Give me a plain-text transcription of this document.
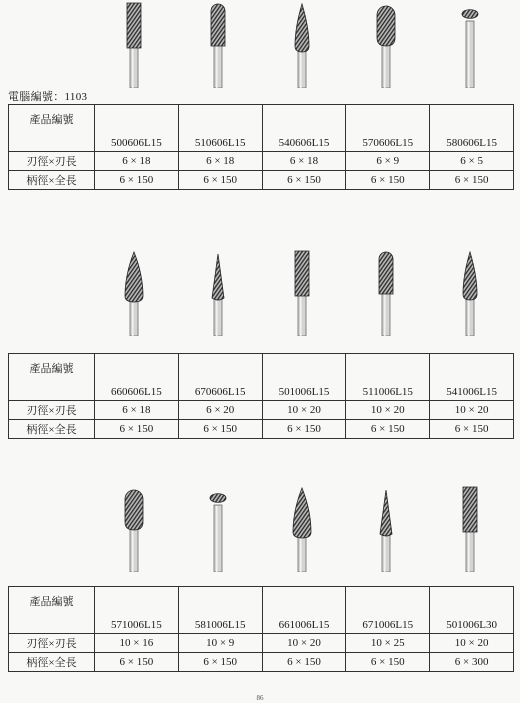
電腦編號：1103
產品編號	500606L15	510606L15	540606L15	570606L15	580606L15
刃徑×刃長	6 × 18	6 × 18	6 × 18	6 × 9	6 × 5
柄徑×全長	6 × 150	6 × 150	6 × 150	6 × 150	6 × 150
產品編號	660606L15	670606L15	501006L15	511006L15	541006L15
刃徑×刃長	6 × 18	6 × 20	10 × 20	10 × 20	10 × 20
柄徑×全長	6 × 150	6 × 150	6 × 150	6 × 150	6 × 150
產品編號	571006L15	581006L15	661006L15	671006L15	501006L30
刃徑×刃長	10 × 16	10 × 9	10 × 20	10 × 25	10 × 20
柄徑×全長	6 × 150	6 × 150	6 × 150	6 × 150	6 × 300
86
